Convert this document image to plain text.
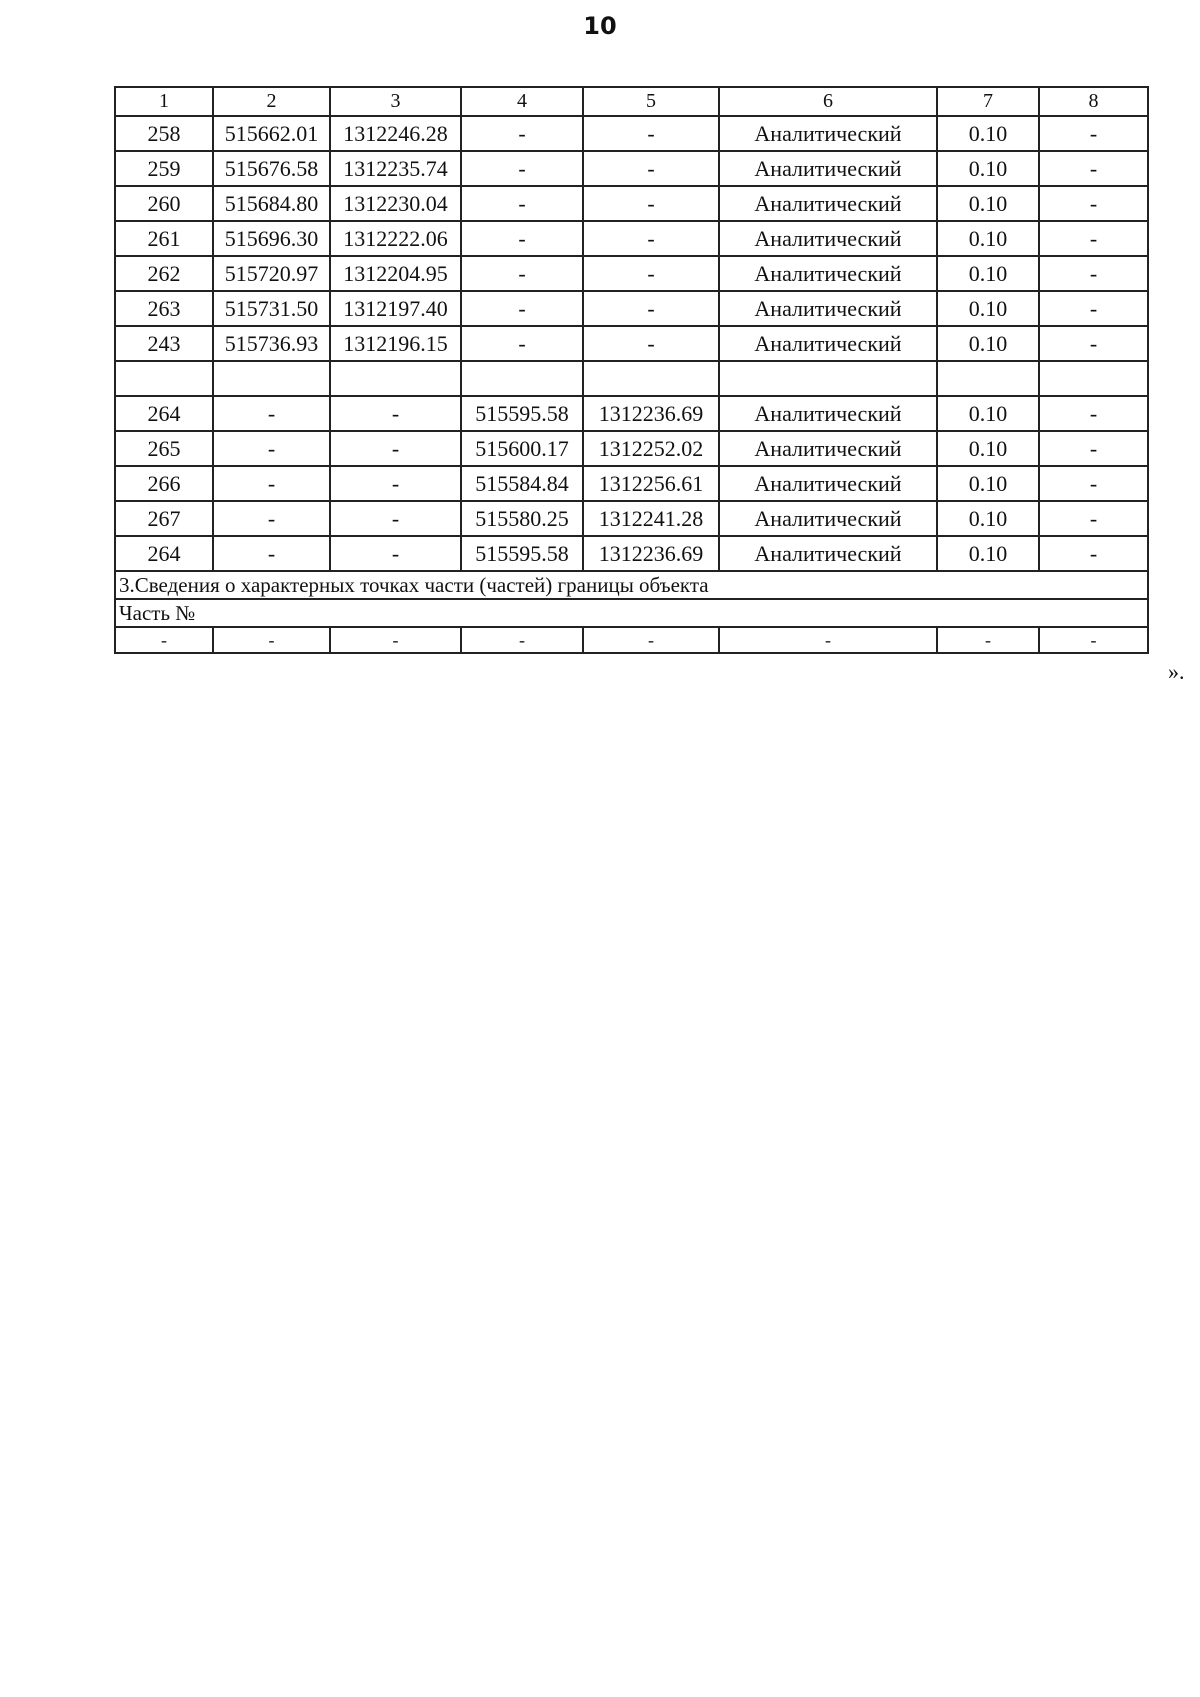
10
1	2	3	4	5	6	7	8
258	515662.01	1312246.28	-	-	Аналитический	0.10	-
259	515676.58	1312235.74	-	-	Аналитический	0.10	-
260	515684.80	1312230.04	-	-	Аналитический	0.10	-
261	515696.30	1312222.06	-	-	Аналитический	0.10	-
262	515720.97	1312204.95	-	-	Аналитический	0.10	-
263	515731.50	1312197.40	-	-	Аналитический	0.10	-
243	515736.93	1312196.15	-	-	Аналитический	0.10	-

264	-	-	515595.58	1312236.69	Аналитический	0.10	-
265	-	-	515600.17	1312252.02	Аналитический	0.10	-
266	-	-	515584.84	1312256.61	Аналитический	0.10	-
267	-	-	515580.25	1312241.28	Аналитический	0.10	-
264	-	-	515595.58	1312236.69	Аналитический	0.10	-
3.Сведения о характерных точках части (частей) границы объекта							
Часть №							
-	-	-	-	-	-	-	-
».
